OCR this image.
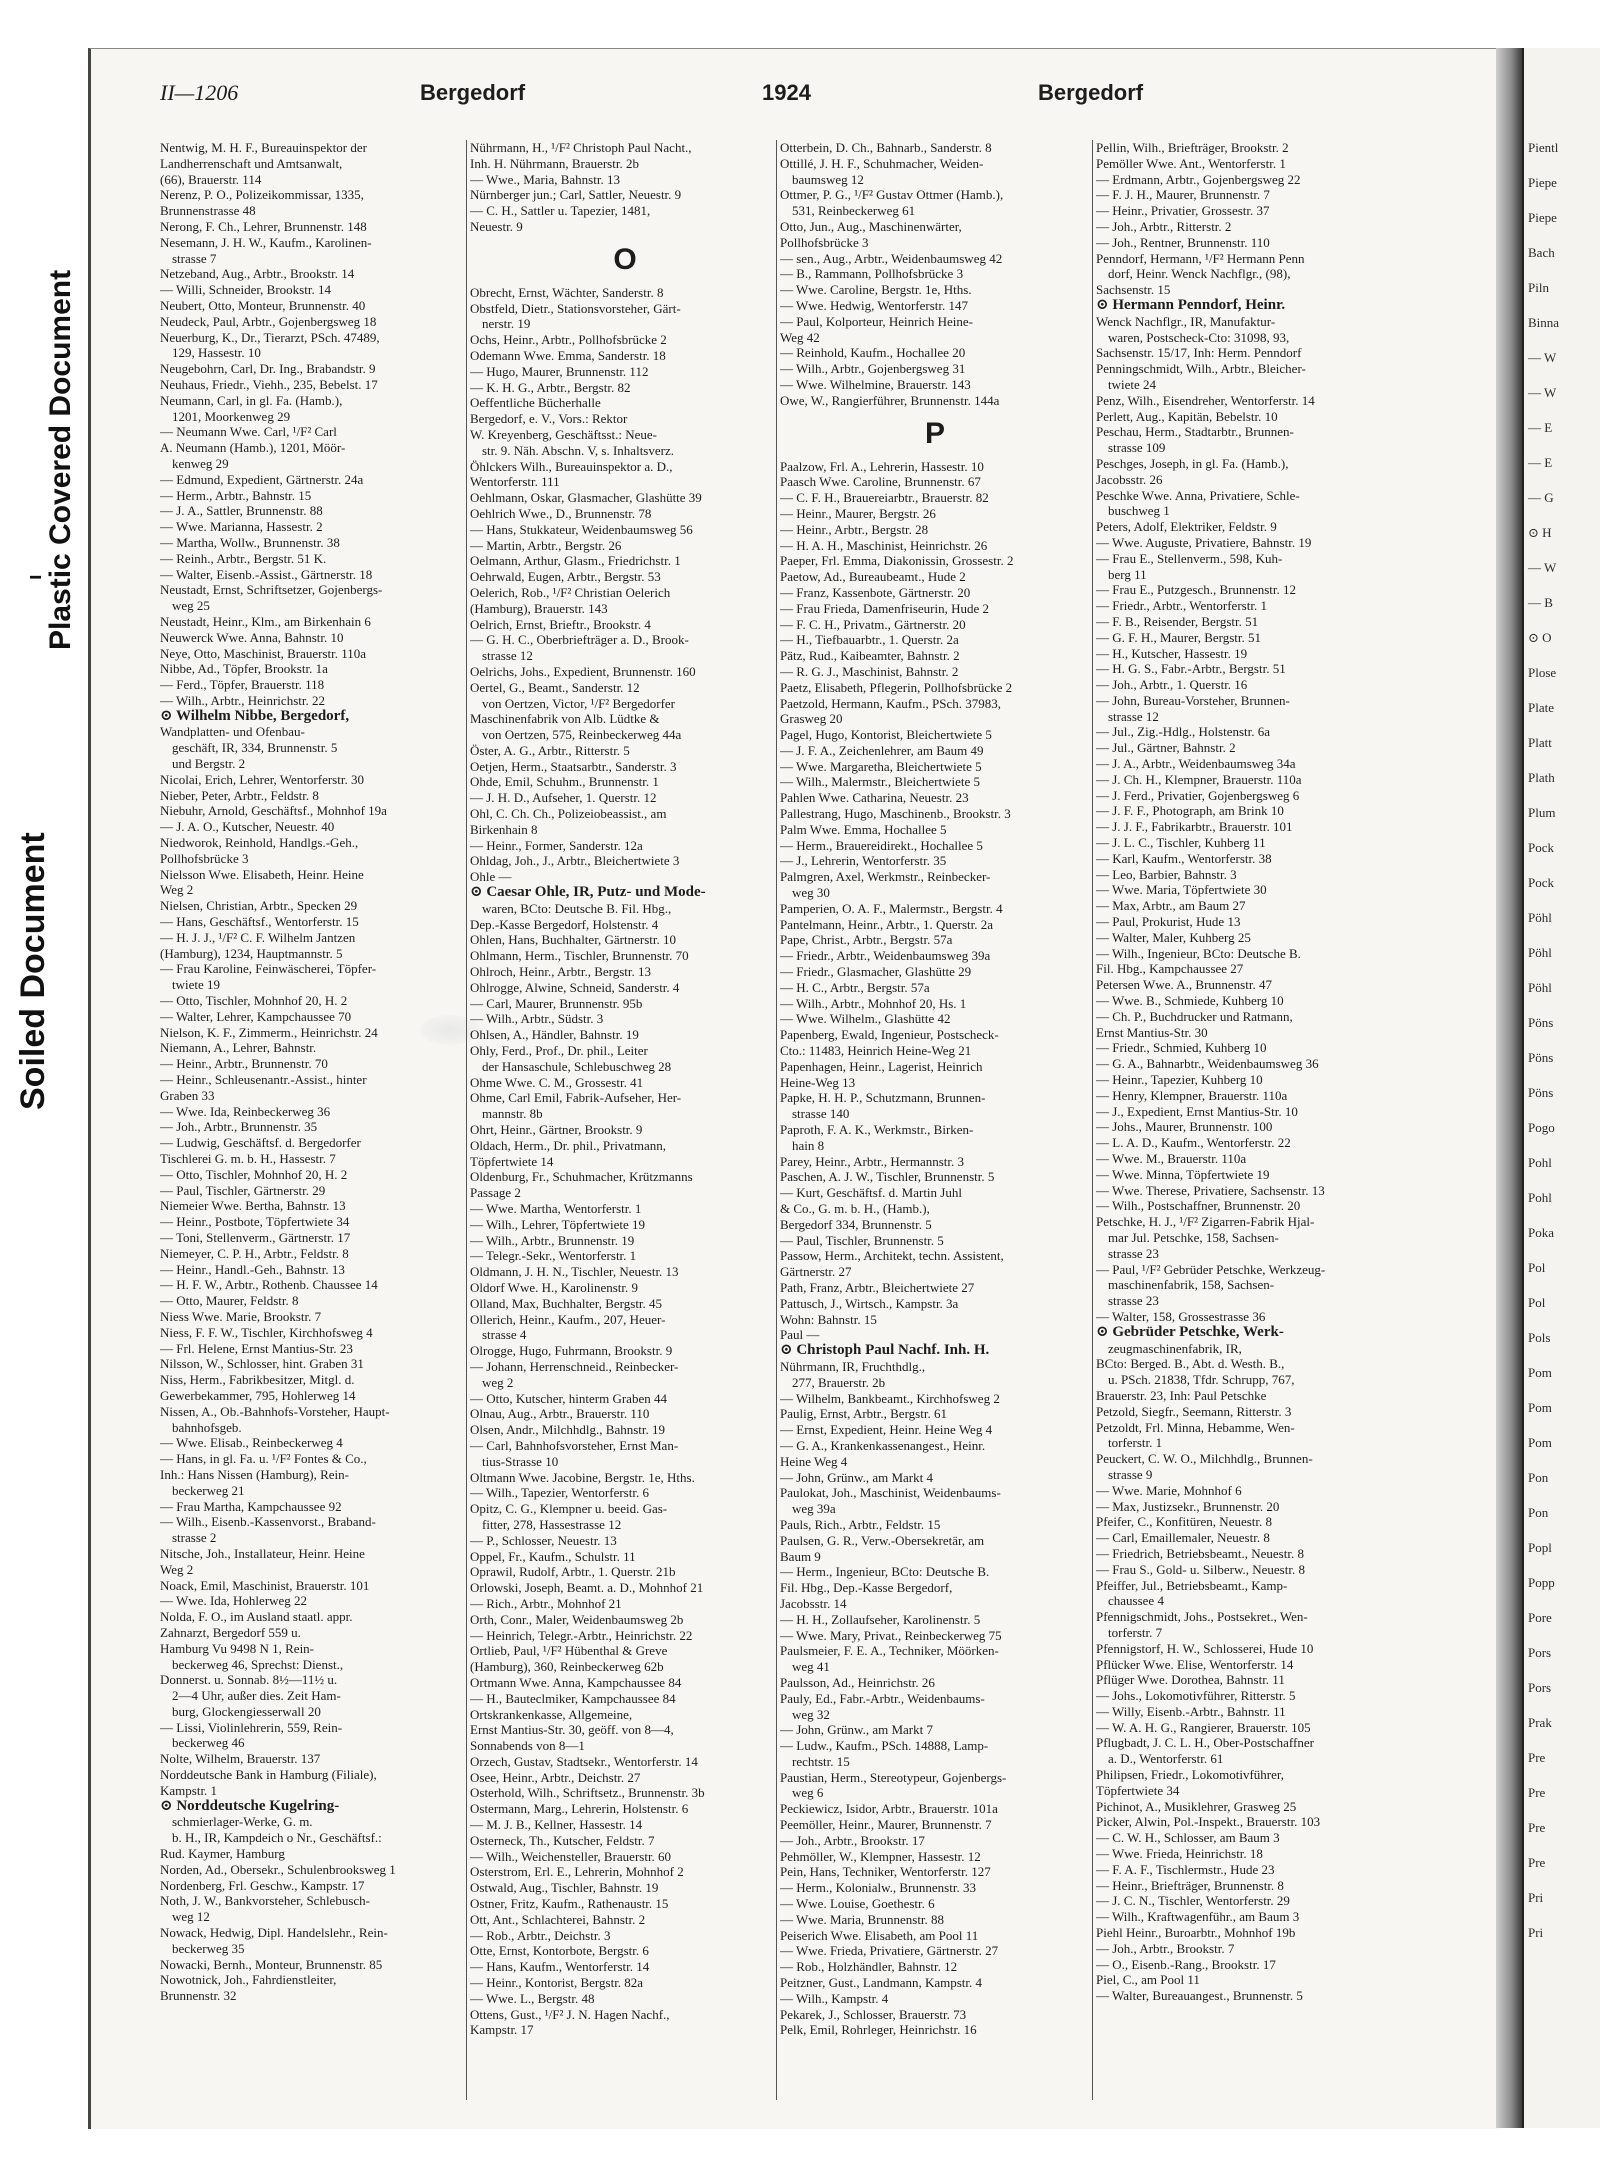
Soiled Document
Plastic Covered Document
ı
Pientl
Piepe
Piepe
Bach
Piln
Binna
— W
— W
— E
— E
— G
⊙ H
— W
— B
⊙ O
Plose
Plate
Platt
Plath
Plum
Pock
Pock
Pöhl
Pöhl
Pöhl
Pöns
Pöns
Pöns
Pogo
Pohl
Pohl
Poka
Pol
Pol
Pols
Pom
Pom
Pom
Pon
Pon
Popl
Popp
Pore
Pors
Pors
Prak
Pre
Pre
Pre
Pre
Pri
Pri
II—1206	Bergedorf	1924	Bergedorf

Nentwig, M. H. F., Bureauinspektor der

Landherrenschaft und Amtsanwalt,

(66), Brauerstr. 114

Nerenz, P. O., Polizeikommissar, 1335,

Brunnenstrasse 48

Nerong, F. Ch., Lehrer, Brunnenstr. 148

Nesemann, J. H. W., Kaufm., Karolinen-

strasse 7

Netzeband, Aug., Arbtr., Brookstr. 14

— Willi, Schneider, Brookstr. 14

Neubert, Otto, Monteur, Brunnenstr. 40

Neudeck, Paul, Arbtr., Gojenbergsweg 18

Neuerburg, K., Dr., Tierarzt, PSch. 47489,

129, Hassestr. 10

Neugebohrn, Carl, Dr. Ing., Brabandstr. 9

Neuhaus, Friedr., Viehh., 235, Bebelst. 17

Neumann, Carl, in gl. Fa. (Hamb.),

1201, Moorkenweg 29

— Neumann Wwe. Carl, ¹/F² Carl

A. Neumann (Hamb.), 1201, Möör-

kenweg 29

— Edmund, Expedient, Gärtnerstr. 24a

— Herm., Arbtr., Bahnstr. 15

— J. A., Sattler, Brunnenstr. 88

— Wwe. Marianna, Hassestr. 2

— Martha, Wollw., Brunnenstr. 38

— Reinh., Arbtr., Bergstr. 51 K.

— Walter, Eisenb.-Assist., Gärtnerstr. 18

Neustadt, Ernst, Schriftsetzer, Gojenbergs-

weg 25

Neustadt, Heinr., Klm., am Birkenhain 6

Neuwerck Wwe. Anna, Bahnstr. 10

Neye, Otto, Maschinist, Brauerstr. 110a

Nibbe, Ad., Töpfer, Brookstr. 1a

— Ferd., Töpfer, Brauerstr. 118

— Wilh., Arbtr., Heinrichstr. 22

⊙ Wilhelm Nibbe, Bergedorf,

Wandplatten- und Ofenbau-

geschäft, IR, 334, Brunnenstr. 5

und Bergstr. 2

Nicolai, Erich, Lehrer, Wentorferstr. 30

Nieber, Peter, Arbtr., Feldstr. 8

Niebuhr, Arnold, Geschäftsf., Mohnhof 19a

— J. A. O., Kutscher, Neuestr. 40

Niedworok, Reinhold, Handlgs.-Geh.,

Pollhofsbrücke 3

Nielsson Wwe. Elisabeth, Heinr. Heine

Weg 2

Nielsen, Christian, Arbtr., Specken 29

— Hans, Geschäftsf., Wentorferstr. 15

— H. J. J., ¹/F² C. F. Wilhelm Jantzen

(Hamburg), 1234, Hauptmannstr. 5

— Frau Karoline, Feinwäscherei, Töpfer-

twiete 19

— Otto, Tischler, Mohnhof 20, H. 2

— Walter, Lehrer, Kampchaussee 70

Nielson, K. F., Zimmerm., Heinrichstr. 24

Niemann, A., Lehrer, Bahnstr.

— Heinr., Arbtr., Brunnenstr. 70

— Heinr., Schleusenantr.-Assist., hinter

Graben 33

— Wwe. Ida, Reinbeckerweg 36

— Joh., Arbtr., Brunnenstr. 35

— Ludwig, Geschäftsf. d. Bergedorfer

Tischlerei G. m. b. H., Hassestr. 7

— Otto, Tischler, Mohnhof 20, H. 2

— Paul, Tischler, Gärtnerstr. 29

Niemeier Wwe. Bertha, Bahnstr. 13

— Heinr., Postbote, Töpfertwiete 34

— Toni, Stellenverm., Gärtnerstr. 17

Niemeyer, C. P. H., Arbtr., Feldstr. 8

— Heinr., Handl.-Geh., Bahnstr. 13

— H. F. W., Arbtr., Rothenb. Chaussee 14

— Otto, Maurer, Feldstr. 8

Niess Wwe. Marie, Brookstr. 7

Niess, F. F. W., Tischler, Kirchhofsweg 4

— Frl. Helene, Ernst Mantius-Str. 23

Nilsson, W., Schlosser, hint. Graben 31

Niss, Herm., Fabrikbesitzer, Mitgl. d.

Gewerbekammer, 795, Hohlerweg 14

Nissen, A., Ob.-Bahnhofs-Vorsteher, Haupt-

bahnhofsgeb.

— Wwe. Elisab., Reinbeckerweg 4

— Hans, in gl. Fa. u. ¹/F² Fontes & Co.,

Inh.: Hans Nissen (Hamburg), Rein-

beckerweg 21

— Frau Martha, Kampchaussee 92

— Wilh., Eisenb.-Kassenvorst., Braband-

strasse 2

Nitsche, Joh., Installateur, Heinr. Heine

Weg 2

Noack, Emil, Maschinist, Brauerstr. 101

— Wwe. Ida, Hohlerweg 22

Nolda, F. O., im Ausland staatl. appr.

Zahnarzt, Bergedorf 559 u.

Hamburg Vu 9498 N 1, Rein-

beckerweg 46, Sprechst: Dienst.,

Donnerst. u. Sonnab. 8½—11½ u.

2—4 Uhr, außer dies. Zeit Ham-

burg, Glockengiesserwall 20

— Lissi, Violinlehrerin, 559, Rein-

beckerweg 46

Nolte, Wilhelm, Brauerstr. 137

Norddeutsche Bank in Hamburg (Filiale),

Kampstr. 1

⊙ Norddeutsche Kugelring-

schmierlager-Werke, G. m.

b. H., IR, Kampdeich o Nr., Geschäftsf.:

Rud. Kaymer, Hamburg

Norden, Ad., Obersekr., Schulenbrooksweg 1

Nordenberg, Frl. Geschw., Kampstr. 17

Noth, J. W., Bankvorsteher, Schlebusch-

weg 12

Nowack, Hedwig, Dipl. Handelslehr., Rein-

beckerweg 35

Nowacki, Bernh., Monteur, Brunnenstr. 85

Nowotnick, Joh., Fahrdienstleiter,

Brunnenstr. 32

Nührmann, H., ¹/F² Christoph Paul Nacht.,

Inh. H. Nührmann, Brauerstr. 2b

— Wwe., Maria, Bahnstr. 13

Nürnberger jun.; Carl, Sattler, Neuestr. 9

— C. H., Sattler u. Tapezier, 1481,

Neuestr. 9

O

Obrecht, Ernst, Wächter, Sanderstr. 8

Obstfeld, Dietr., Stationsvorsteher, Gärt-

nerstr. 19

Ochs, Heinr., Arbtr., Pollhofsbrücke 2

Odemann Wwe. Emma, Sanderstr. 18

— Hugo, Maurer, Brunnenstr. 112

— K. H. G., Arbtr., Bergstr. 82

Oeffentliche Bücherhalle

Bergedorf, e. V., Vors.: Rektor

W. Kreyenberg, Geschäftsst.: Neue-

str. 9. Näh. Abschn. V, s. Inhaltsverz.

Öhlckers Wilh., Bureauinspektor a. D.,

Wentorferstr. 111

Oehlmann, Oskar, Glasmacher, Glashütte 39

Oehlrich Wwe., D., Brunnenstr. 78

— Hans, Stukkateur, Weidenbaumsweg 56

— Martin, Arbtr., Bergstr. 26

Oelmann, Arthur, Glasm., Friedrichstr. 1

Oehrwald, Eugen, Arbtr., Bergstr. 53

Oelerich, Rob., ¹/F² Christian Oelerich

(Hamburg), Brauerstr. 143

Oelrich, Ernst, Brieftr., Brookstr. 4

— G. H. C., Oberbriefträger a. D., Brook-

strasse 12

Oelrichs, Johs., Expedient, Brunnenstr. 160

Oertel, G., Beamt., Sanderstr. 12

von Oertzen, Victor, ¹/F² Bergedorfer

Maschinenfabrik von Alb. Lüdtke &

von Oertzen, 575, Reinbeckerweg 44a

Öster, A. G., Arbtr., Ritterstr. 5

Oetjen, Herm., Staatsarbtr., Sanderstr. 3

Ohde, Emil, Schuhm., Brunnenstr. 1

— J. H. D., Aufseher, 1. Querstr. 12

Ohl, C. Ch. Ch., Polizeiobeassist., am

Birkenhain 8

— Heinr., Former, Sanderstr. 12a

Ohldag, Joh., J., Arbtr., Bleichertwiete 3

Ohle —

⊙ Caesar Ohle, IR, Putz- und Mode-

waren, BCto: Deutsche B. Fil. Hbg.,

Dep.-Kasse Bergedorf, Holstenstr. 4

Ohlen, Hans, Buchhalter, Gärtnerstr. 10

Ohlmann, Herm., Tischler, Brunnenstr. 70

Ohlroch, Heinr., Arbtr., Bergstr. 13

Ohlrogge, Alwine, Schneid, Sanderstr. 4

— Carl, Maurer, Brunnenstr. 95b

— Wilh., Arbtr., Südstr. 3

Ohlsen, A., Händler, Bahnstr. 19

Ohly, Ferd., Prof., Dr. phil., Leiter

der Hansaschule, Schlebuschweg 28

Ohme Wwe. C. M., Grossestr. 41

Ohme, Carl Emil, Fabrik-Aufseher, Her-

mannstr. 8b

Ohrt, Heinr., Gärtner, Brookstr. 9

Oldach, Herm., Dr. phil., Privatmann,

Töpfertwiete 14

Oldenburg, Fr., Schuhmacher, Krützmanns

Passage 2

— Wwe. Martha, Wentorferstr. 1

— Wilh., Lehrer, Töpfertwiete 19

— Wilh., Arbtr., Brunnenstr. 19

— Telegr.-Sekr., Wentorferstr. 1

Oldmann, J. H. N., Tischler, Neuestr. 13

Oldorf Wwe. H., Karolinenstr. 9

Olland, Max, Buchhalter, Bergstr. 45

Ollerich, Heinr., Kaufm., 207, Heuer-

strasse 4

Olrogge, Hugo, Fuhrmann, Brookstr. 9

— Johann, Herrenschneid., Reinbecker-

weg 2

— Otto, Kutscher, hinterm Graben 44

Olnau, Aug., Arbtr., Brauerstr. 110

Olsen, Andr., Milchhdlg., Bahnstr. 19

— Carl, Bahnhofsvorsteher, Ernst Man-

tius-Strasse 10

Oltmann Wwe. Jacobine, Bergstr. 1e, Hths.

— Wilh., Tapezier, Wentorferstr. 6

Opitz, C. G., Klempner u. beeid. Gas-

fitter, 278, Hassestrasse 12

— P., Schlosser, Neuestr. 13

Oppel, Fr., Kaufm., Schulstr. 11

Oprawil, Rudolf, Arbtr., 1. Querstr. 21b

Orlowski, Joseph, Beamt. a. D., Mohnhof 21

— Rich., Arbtr., Mohnhof 21

Orth, Conr., Maler, Weidenbaumsweg 2b

— Heinrich, Telegr.-Arbtr., Heinrichstr. 22

Ortlieb, Paul, ¹/F² Hübenthal & Greve

(Hamburg), 360, Reinbeckerweg 62b

Ortmann Wwe. Anna, Kampchaussee 84

— H., Bauteclmiker, Kampchaussee 84

Ortskrankenkasse, Allgemeine,

Ernst Mantius-Str. 30, geöff. von 8—4,

Sonnabends von 8—1

Orzech, Gustav, Stadtsekr., Wentorferstr. 14

Osee, Heinr., Arbtr., Deichstr. 27

Osterhold, Wilh., Schriftsetz., Brunnenstr. 3b

Ostermann, Marg., Lehrerin, Holstenstr. 6

— M. J. B., Kellner, Hassestr. 14

Osterneck, Th., Kutscher, Feldstr. 7

— Wilh., Weichensteller, Brauerstr. 60

Osterstrom, Erl. E., Lehrerin, Mohnhof 2

Ostwald, Aug., Tischler, Bahnstr. 19

Ostner, Fritz, Kaufm., Rathenaustr. 15

Ott, Ant., Schlachterei, Bahnstr. 2

— Rob., Arbtr., Deichstr. 3

Otte, Ernst, Kontorbote, Bergstr. 6

— Hans, Kaufm., Wentorferstr. 14

— Heinr., Kontorist, Bergstr. 82a

— Wwe. L., Bergstr. 48

Ottens, Gust., ¹/F² J. N. Hagen Nachf.,

Kampstr. 17

Otterbein, D. Ch., Bahnarb., Sanderstr. 8

Ottillé, J. H. F., Schuhmacher, Weiden-

baumsweg 12

Ottmer, P. G., ¹/F² Gustav Ottmer (Hamb.),

531, Reinbeckerweg 61

Otto, Jun., Aug., Maschinenwärter,

Pollhofsbrücke 3

— sen., Aug., Arbtr., Weidenbaumsweg 42

— B., Rammann, Pollhofsbrücke 3

— Wwe. Caroline, Bergstr. 1e, Hths.

— Wwe. Hedwig, Wentorferstr. 147

— Paul, Kolporteur, Heinrich Heine-

Weg 42

— Reinhold, Kaufm., Hochallee 20

— Wilh., Arbtr., Gojenbergsweg 31

— Wwe. Wilhelmine, Brauerstr. 143

Owe, W., Rangierführer, Brunnenstr. 144a

P

Paalzow, Frl. A., Lehrerin, Hassestr. 10

Paasch Wwe. Caroline, Brunnenstr. 67

— C. F. H., Brauereiarbtr., Brauerstr. 82

— Heinr., Maurer, Bergstr. 26

— Heinr., Arbtr., Bergstr. 28

— H. A. H., Maschinist, Heinrichstr. 26

Paeper, Frl. Emma, Diakonissin, Grossestr. 2

Paetow, Ad., Bureaubeamt., Hude 2

— Franz, Kassenbote, Gärtnerstr. 20

— Frau Frieda, Damenfriseurin, Hude 2

— F. C. H., Privatm., Gärtnerstr. 20

— H., Tiefbauarbtr., 1. Querstr. 2a

Pätz, Rud., Kaibeamter, Bahnstr. 2

— R. G. J., Maschinist, Bahnstr. 2

Paetz, Elisabeth, Pflegerin, Pollhofsbrücke 2

Paetzold, Hermann, Kaufm., PSch. 37983,

Grasweg 20

Pagel, Hugo, Kontorist, Bleichertwiete 5

— J. F. A., Zeichenlehrer, am Baum 49

— Wwe. Margaretha, Bleichertwiete 5

— Wilh., Malermstr., Bleichertwiete 5

Pahlen Wwe. Catharina, Neuestr. 23

Pallestrang, Hugo, Maschinenb., Brookstr. 3

Palm Wwe. Emma, Hochallee 5

— Herm., Brauereidirekt., Hochallee 5

— J., Lehrerin, Wentorferstr. 35

Palmgren, Axel, Werkmstr., Reinbecker-

weg 30

Pamperien, O. A. F., Malermstr., Bergstr. 4

Pantelmann, Heinr., Arbtr., 1. Querstr. 2a

Pape, Christ., Arbtr., Bergstr. 57a

— Friedr., Arbtr., Weidenbaumsweg 39a

— Friedr., Glasmacher, Glashütte 29

— H. C., Arbtr., Bergstr. 57a

— Wilh., Arbtr., Mohnhof 20, Hs. 1

— Wwe. Wilhelm., Glashütte 42

Papenberg, Ewald, Ingenieur, Postscheck-

Cto.: 11483, Heinrich Heine-Weg 21

Papenhagen, Heinr., Lagerist, Heinrich

Heine-Weg 13

Papke, H. H. P., Schutzmann, Brunnen-

strasse 140

Paproth, F. A. K., Werkmstr., Birken-

hain 8

Parey, Heinr., Arbtr., Hermannstr. 3

Paschen, A. J. W., Tischler, Brunnenstr. 5

— Kurt, Geschäftsf. d. Martin Juhl

& Co., G. m. b. H., (Hamb.),

Bergedorf 334, Brunnenstr. 5

— Paul, Tischler, Brunnenstr. 5

Passow, Herm., Architekt, techn. Assistent,

Gärtnerstr. 27

Path, Franz, Arbtr., Bleichertwiete 27

Pattusch, J., Wirtsch., Kampstr. 3a

Wohn: Bahnstr. 15

Paul —

⊙ Christoph Paul Nachf. Inh. H.

Nührmann, IR, Fruchthdlg.,

277, Brauerstr. 2b

— Wilhelm, Bankbeamt., Kirchhofsweg 2

Paulig, Ernst, Arbtr., Bergstr. 61

— Ernst, Expedient, Heinr. Heine Weg 4

— G. A., Krankenkassenangest., Heinr.

Heine Weg 4

— John, Grünw., am Markt 4

Paulokat, Joh., Maschinist, Weidenbaums-

weg 39a

Pauls, Rich., Arbtr., Feldstr. 15

Paulsen, G. R., Verw.-Obersekretär, am

Baum 9

— Herm., Ingenieur, BCto: Deutsche B.

Fil. Hbg., Dep.-Kasse Bergedorf,

Jacobsstr. 14

— H. H., Zollaufseher, Karolinenstr. 5

— Wwe. Mary, Privat., Reinbeckerweg 75

Paulsmeier, F. E. A., Techniker, Möörken-

weg 41

Paulsson, Ad., Heinrichstr. 26

Pauly, Ed., Fabr.-Arbtr., Weidenbaums-

weg 32

— John, Grünw., am Markt 7

— Ludw., Kaufm., PSch. 14888, Lamp-

rechtstr. 15

Paustian, Herm., Stereotypeur, Gojenbergs-

weg 6

Peckiewicz, Isidor, Arbtr., Brauerstr. 101a

Peemöller, Heinr., Maurer, Brunnenstr. 7

— Joh., Arbtr., Brookstr. 17

Pehmöller, W., Klempner, Hassestr. 12

Pein, Hans, Techniker, Wentorferstr. 127

— Herm., Kolonialw., Brunnenstr. 33

— Wwe. Louise, Goethestr. 6

— Wwe. Maria, Brunnenstr. 88

Peiserich Wwe. Elisabeth, am Pool 11

— Wwe. Frieda, Privatiere, Gärtnerstr. 27

— Rob., Holzhändler, Bahnstr. 12

Peitzner, Gust., Landmann, Kampstr. 4

— Wilh., Kampstr. 4

Pekarek, J., Schlosser, Brauerstr. 73

Pelk, Emil, Rohrleger, Heinrichstr. 16

Pellin, Wilh., Briefträger, Brookstr. 2

Pemöller Wwe. Ant., Wentorferstr. 1

— Erdmann, Arbtr., Gojenbergsweg 22

— F. J. H., Maurer, Brunnenstr. 7

— Heinr., Privatier, Grossestr. 37

— Joh., Arbtr., Ritterstr. 2

— Joh., Rentner, Brunnenstr. 110

Penndorf, Hermann, ¹/F² Hermann Penn

dorf, Heinr. Wenck Nachflgr., (98),

Sachsenstr. 15

⊙ Hermann Penndorf, Heinr.

Wenck Nachflgr., IR, Manufaktur-

waren, Postscheck-Cto: 31098, 93,

Sachsenstr. 15/17, Inh: Herm. Penndorf

Penningschmidt, Wilh., Arbtr., Bleicher-

twiete 24

Penz, Wilh., Eisendreher, Wentorferstr. 14

Perlett, Aug., Kapitän, Bebelstr. 10

Peschau, Herm., Stadtarbtr., Brunnen-

strasse 109

Peschges, Joseph, in gl. Fa. (Hamb.),

Jacobsstr. 26

Peschke Wwe. Anna, Privatiere, Schle-

buschweg 1

Peters, Adolf, Elektriker, Feldstr. 9

— Wwe. Auguste, Privatiere, Bahnstr. 19

— Frau E., Stellenverm., 598, Kuh-

berg 11

— Frau E., Putzgesch., Brunnenstr. 12

— Friedr., Arbtr., Wentorferstr. 1

— F. B., Reisender, Bergstr. 51

— G. F. H., Maurer, Bergstr. 51

— H., Kutscher, Hassestr. 19

— H. G. S., Fabr.-Arbtr., Bergstr. 51

— Joh., Arbtr., 1. Querstr. 16

— John, Bureau-Vorsteher, Brunnen-

strasse 12

— Jul., Zig.-Hdlg., Holstenstr. 6a

— Jul., Gärtner, Bahnstr. 2

— J. A., Arbtr., Weidenbaumsweg 34a

— J. Ch. H., Klempner, Brauerstr. 110a

— J. Ferd., Privatier, Gojenbergsweg 6

— J. F. F., Photograph, am Brink 10

— J. J. F., Fabrikarbtr., Brauerstr. 101

— J. L. C., Tischler, Kuhberg 11

— Karl, Kaufm., Wentorferstr. 38

— Leo, Barbier, Bahnstr. 3

— Wwe. Maria, Töpfertwiete 30

— Max, Arbtr., am Baum 27

— Paul, Prokurist, Hude 13

— Walter, Maler, Kuhberg 25

— Wilh., Ingenieur, BCto: Deutsche B.

Fil. Hbg., Kampchaussee 27

Petersen Wwe. A., Brunnenstr. 47

— Wwe. B., Schmiede, Kuhberg 10

— Ch. P., Buchdrucker und Ratmann,

Ernst Mantius-Str. 30

— Friedr., Schmied, Kuhberg 10

— G. A., Bahnarbtr., Weidenbaumsweg 36

— Heinr., Tapezier, Kuhberg 10

— Henry, Klempner, Brauerstr. 110a

— J., Expedient, Ernst Mantius-Str. 10

— Johs., Maurer, Brunnenstr. 100

— L. A. D., Kaufm., Wentorferstr. 22

— Wwe. M., Brauerstr. 110a

— Wwe. Minna, Töpfertwiete 19

— Wwe. Therese, Privatiere, Sachsenstr. 13

— Wilh., Postschaffner, Brunnenstr. 20

Petschke, H. J., ¹/F² Zigarren-Fabrik Hjal-

mar Jul. Petschke, 158, Sachsen-

strasse 23

— Paul, ¹/F² Gebrüder Petschke, Werkzeug-

maschinenfabrik, 158, Sachsen-

strasse 23

— Walter, 158, Grossestrasse 36

⊙ Gebrüder Petschke, Werk-

zeugmaschinenfabrik, IR,

BCto: Berged. B., Abt. d. Westh. B.,

u. PSch. 21838, Tfdr. Schrupp, 767,

Brauerstr. 23, Inh: Paul Petschke

Petzold, Siegfr., Seemann, Ritterstr. 3

Petzoldt, Frl. Minna, Hebamme, Wen-

torferstr. 1

Peuckert, C. W. O., Milchhdlg., Brunnen-

strasse 9

— Wwe. Marie, Mohnhof 6

— Max, Justizsekr., Brunnenstr. 20

Pfeifer, C., Konfitüren, Neuestr. 8

— Carl, Emaillemaler, Neuestr. 8

— Friedrich, Betriebsbeamt., Neuestr. 8

— Frau S., Gold- u. Silberw., Neuestr. 8

Pfeiffer, Jul., Betriebsbeamt., Kamp-

chaussee 4

Pfennigschmidt, Johs., Postsekret., Wen-

torferstr. 7

Pfennigstorf, H. W., Schlosserei, Hude 10

Pflücker Wwe. Elise, Wentorferstr. 14

Pflüger Wwe. Dorothea, Bahnstr. 11

— Johs., Lokomotivführer, Ritterstr. 5

— Willy, Eisenb.-Arbtr., Bahnstr. 11

— W. A. H. G., Rangierer, Brauerstr. 105

Pflugbadt, J. C. L. H., Ober-Postschaffner

a. D., Wentorferstr. 61

Philipsen, Friedr., Lokomotivführer,

Töpfertwiete 34

Pichinot, A., Musiklehrer, Grasweg 25

Picker, Alwin, Pol.-Inspekt., Brauerstr. 103

— C. W. H., Schlosser, am Baum 3

— Wwe. Frieda, Heinrichstr. 18

— F. A. F., Tischlermstr., Hude 23

— Heinr., Briefträger, Brunnenstr. 8

— J. C. N., Tischler, Wentorferstr. 29

— Wilh., Kraftwagenführ., am Baum 3

Piehl Heinr., Buroarbtr., Mohnhof 19b

— Joh., Arbtr., Brookstr. 7

— O., Eisenb.-Rang., Brookstr. 17

Piel, C., am Pool 11

— Walter, Bureauangest., Brunnenstr. 5
